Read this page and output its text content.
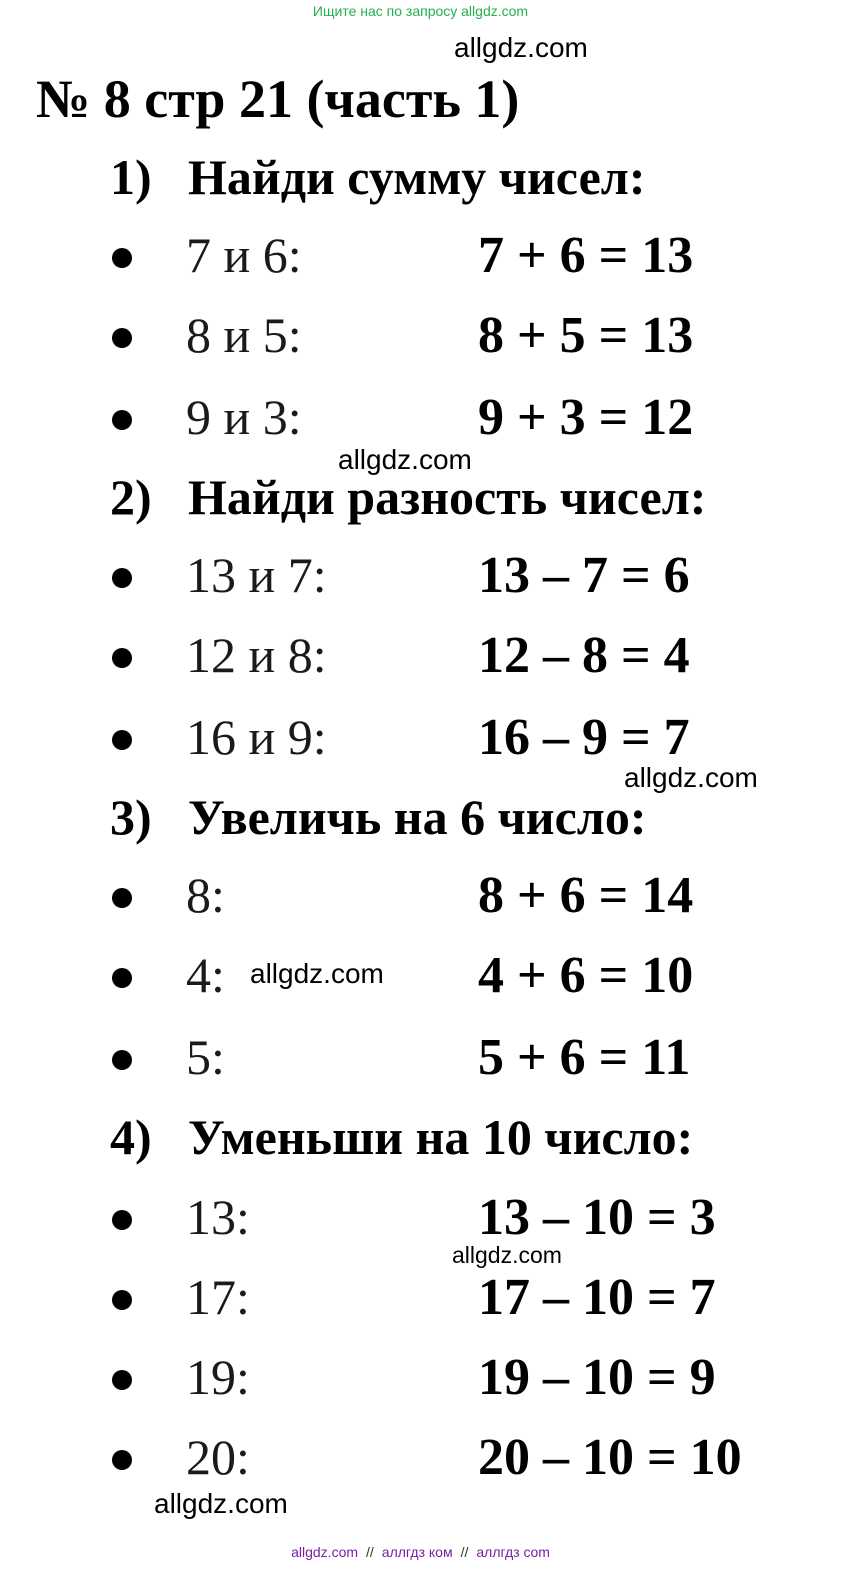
Ищите нас по запросу allgdz.com
allgdz.com
allgdz.com
allgdz.com
allgdz.com
allgdz.com
allgdz.com
№ 8 стр 21 (часть 1)
1) Найди сумму чисел:
7 и 6:	7 + 6 = 13
8 и 5:	8 + 5 = 13
9 и 3:	9 + 3 = 12
2) Найди разность чисел:
13 и 7:	13 – 7 = 6
12 и 8:	12 – 8 = 4
16 и 9:	16 – 9 = 7
3) Увеличь на 6 число:
8:	8 + 6 = 14
4:	4 + 6 = 10
5:	5 + 6 = 11
4) Уменьши на 10 число:
13:	13 – 10 = 3
17:	17 – 10 = 7
19:	19 – 10 = 9
20:	20 – 10 = 10
allgdz.com // аллгдз ком // аллгдз com
